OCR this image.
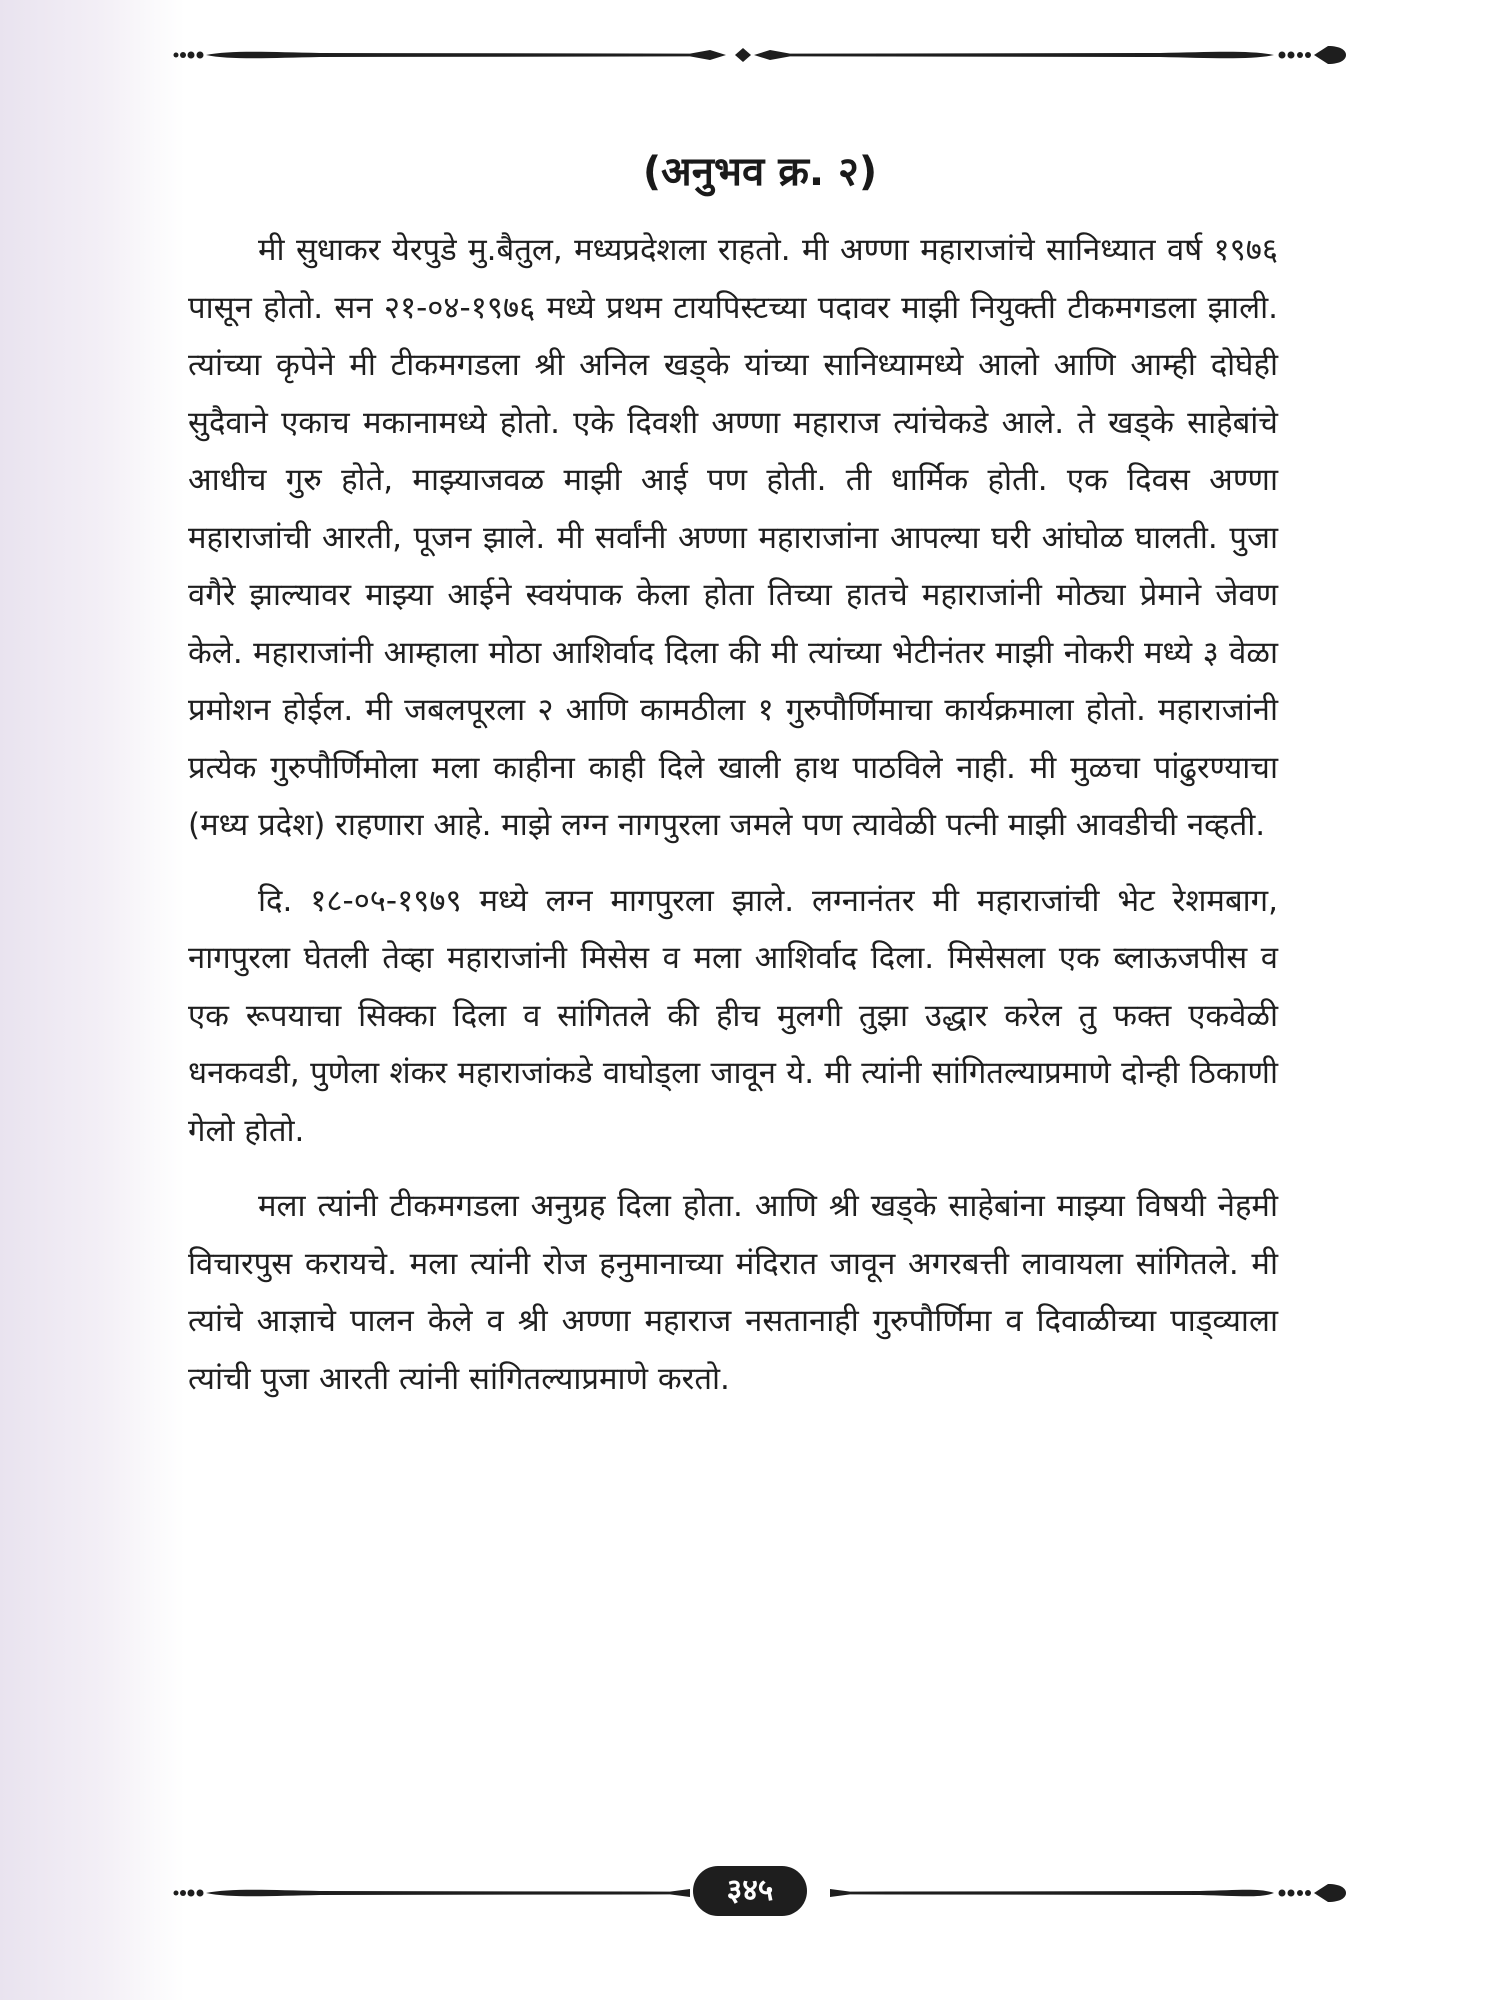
(अनुभव क्र. २)

मी सुधाकर येरपुडे मु.बैतुल, मध्यप्रदेशला राहतो. मी अण्णा महाराजांचे सानिध्यात वर्ष १९७६ पासून होतो. सन २१-०४-१९७६ मध्ये प्रथम टायपिस्टच्या पदावर माझी नियुक्ती टीकमगडला झाली. त्यांच्या कृपेने मी टीकमगडला श्री अनिल खड्के यांच्या सानिध्यामध्ये आलो आणि आम्ही दोघेही सुदैवाने एकाच मकानामध्ये होतो. एके दिवशी अण्णा महाराज त्यांचेकडे आले. ते खड्के साहेबांचे आधीच गुरु होते, माझ्याजवळ माझी आई पण होती. ती धार्मिक होती. एक दिवस अण्णा महाराजांची आरती, पूजन झाले. मी सर्वांनी अण्णा महाराजांना आपल्या घरी आंघोळ घालती. पुजा वगैरे झाल्यावर माझ्या आईने स्वयंपाक केला होता तिच्या हातचे महाराजांनी मोठ्या प्रेमाने जेवण केले. महाराजांनी आम्हाला मोठा आशिर्वाद दिला की मी त्यांच्या भेटीनंतर माझी नोकरी मध्ये ३ वेळा प्रमोशन होईल. मी जबलपूरला २ आणि कामठीला १ गुरुपौर्णिमाचा कार्यक्रमाला होतो. महाराजांनी प्रत्येक गुरुपौर्णिमोला मला काहीना काही दिले खाली हाथ पाठविले नाही. मी मुळचा पांढुरण्याचा (मध्य प्रदेश) राहणारा आहे. माझे लग्न नागपुरला जमले पण त्यावेळी पत्नी माझी आवडीची नव्हती.

दि. १८-०५-१९७९ मध्ये लग्न मागपुरला झाले. लग्नानंतर मी महाराजांची भेट रेशमबाग, नागपुरला घेतली तेव्हा महाराजांनी मिसेस व मला आशिर्वाद दिला. मिसेसला एक ब्लाऊजपीस व एक रूपयाचा सिक्का दिला व सांगितले की हीच मुलगी तुझा उद्धार करेल तु फक्त एकवेळी धनकवडी, पुणेला शंकर महाराजांकडे वाघोड्ला जावून ये. मी त्यांनी सांगितल्याप्रमाणे दोन्ही ठिकाणी गेलो होतो.

मला त्यांनी टीकमगडला अनुग्रह दिला होता. आणि श्री खड्के साहेबांना माझ्या विषयी नेहमी विचारपुस करायचे. मला त्यांनी रोज हनुमानाच्या मंदिरात जावून अगरबत्ती लावायला सांगितले. मी त्यांचे आज्ञाचे पालन केले व श्री अण्णा महाराज नसतानाही गुरुपौर्णिमा व दिवाळीच्या पाड्व्याला त्यांची पुजा आरती त्यांनी सांगितल्याप्रमाणे करतो.

३४५
